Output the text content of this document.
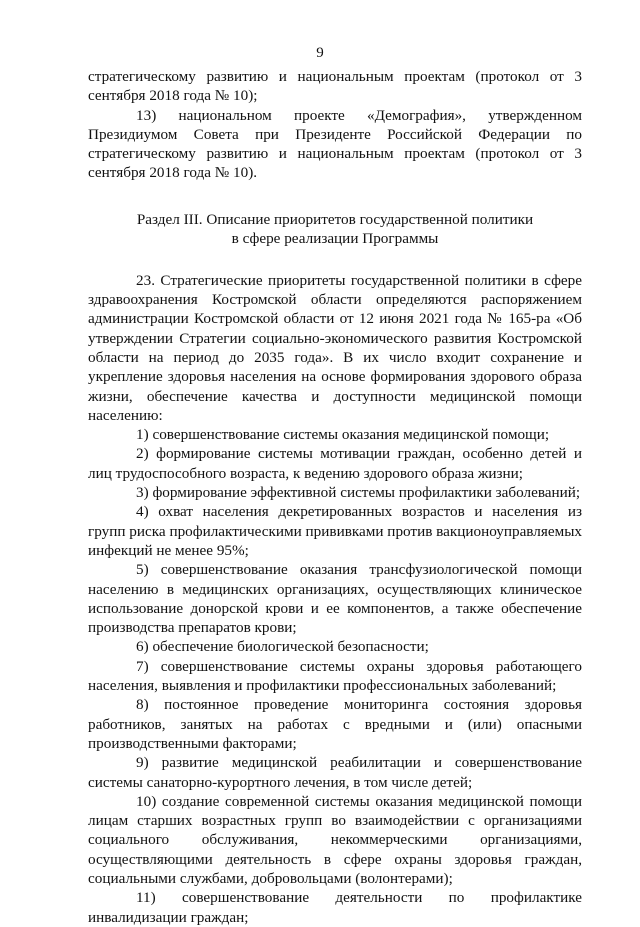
9

стратегическому развитию и национальным проектам (протокол от 3 сентября 2018 года № 10);

13) национальном проекте «Демография», утвержденном Президиумом Совета при Президенте Российской Федерации по стратегическому развитию и национальным проектам (протокол от 3 сентября 2018 года № 10).

Раздел III. Описание приоритетов государственной политики
в сфере реализации Программы

23. Стратегические приоритеты государственной политики в сфере здравоохранения Костромской области определяются распоряжением администрации Костромской области от 12 июня 2021 года № 165-ра «Об утверждении Стратегии социально-экономического развития Костромской области на период до 2035 года». В их число входит сохранение и укрепление здоровья населения на основе формирования здорового образа жизни, обеспечение качества и доступности медицинской помощи населению:

1) совершенствование системы оказания медицинской помощи;

2) формирование системы мотивации граждан, особенно детей и лиц трудоспособного возраста, к ведению здорового образа жизни;

3) формирование эффективной системы профилактики заболеваний;

4) охват населения декретированных возрастов и населения из групп риска профилактическими прививками против вакционоуправляемых инфекций не менее 95%;

5) совершенствование оказания трансфузиологической помощи населению в медицинских организациях, осуществляющих клиническое использование донорской крови и ее компонентов, а также обеспечение производства препаратов крови;

6) обеспечение биологической безопасности;

7) совершенствование системы охраны здоровья работающего населения, выявления и профилактики профессиональных заболеваний;

8) постоянное проведение мониторинга состояния здоровья работников, занятых на работах с вредными и (или) опасными производственными факторами;

9) развитие медицинской реабилитации и совершенствование системы санаторно-курортного лечения, в том числе детей;

10) создание современной системы оказания медицинской помощи лицам старших возрастных групп во взаимодействии с организациями социального обслуживания, некоммерческими организациями, осуществляющими деятельность в сфере охраны здоровья граждан, социальными службами, добровольцами (волонтерами);

11) совершенствование деятельности по профилактике инвалидизации граждан;
